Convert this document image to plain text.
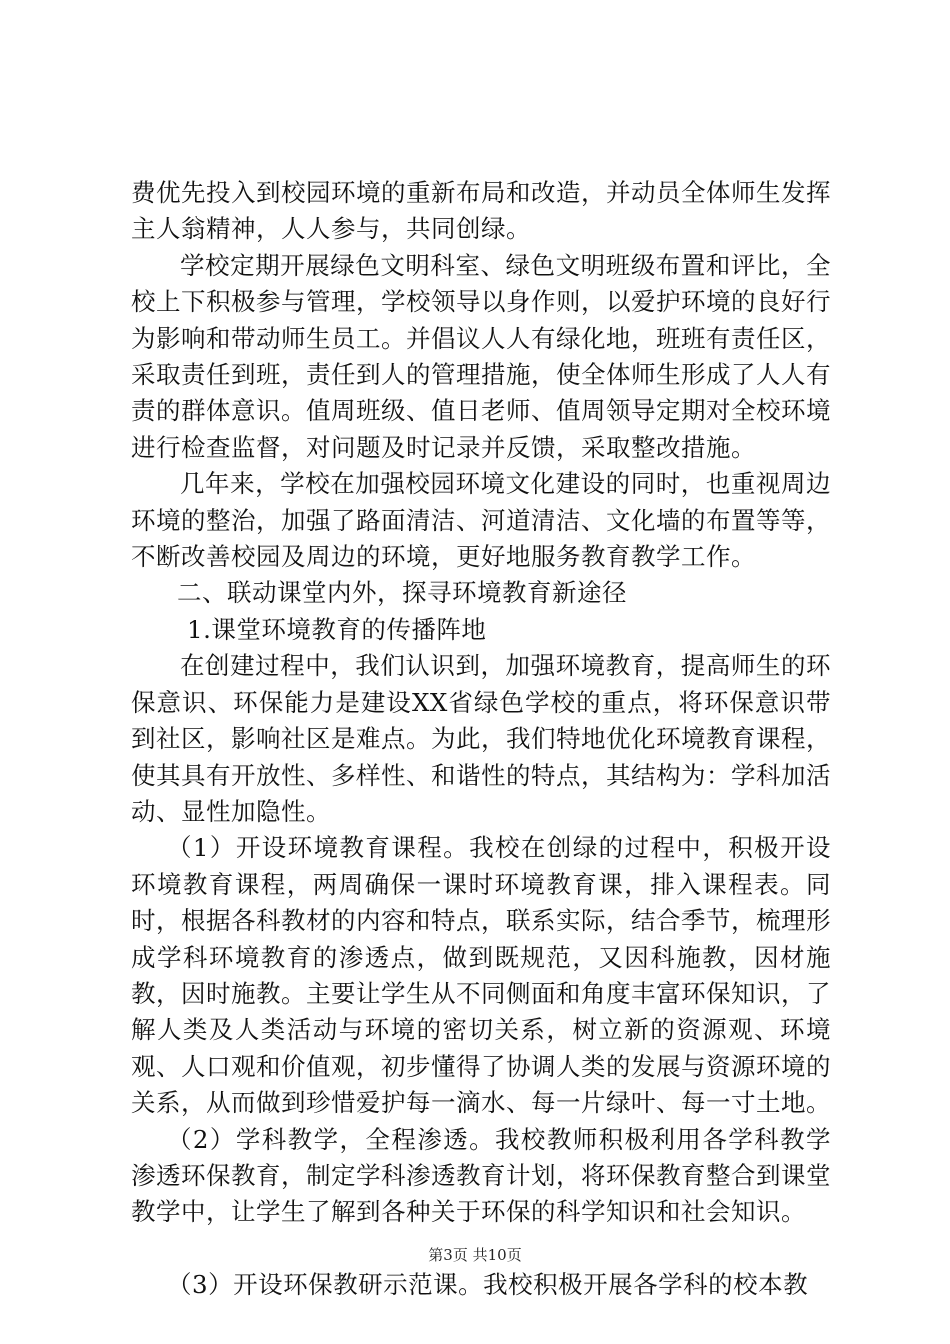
费优先投入到校园环境的重新布局和改造，并动员全体师生发挥主人翁精神，人人参与，共同创绿。

学校定期开展绿色文明科室、绿色文明班级布置和评比，全校上下积极参与管理，学校领导以身作则，以爱护环境的良好行为影响和带动师生员工。并倡议人人有绿化地，班班有责任区，采取责任到班，责任到人的管理措施，使全体师生形成了人人有责的群体意识。值周班级、值日老师、值周领导定期对全校环境进行检查监督，对问题及时记录并反馈，采取整改措施。

几年来，学校在加强校园环境文化建设的同时，也重视周边环境的整治，加强了路面清洁、河道清洁、文化墙的布置等等，不断改善校园及周边的环境，更好地服务教育教学工作。

二、联动课堂内外，探寻环境教育新途径

1.课堂环境教育的传播阵地

在创建过程中，我们认识到，加强环境教育，提高师生的环保意识、环保能力是建设XX省绿色学校的重点，将环保意识带到社区，影响社区是难点。为此，我们特地优化环境教育课程，使其具有开放性、多样性、和谐性的特点，其结构为：学科加活动、显性加隐性。

（1）开设环境教育课程。我校在创绿的过程中，积极开设环境教育课程，两周确保一课时环境教育课，排入课程表。同时，根据各科教材的内容和特点，联系实际，结合季节，梳理形成学科环境教育的渗透点，做到既规范，又因科施教，因材施教，因时施教。主要让学生从不同侧面和角度丰富环保知识，了解人类及人类活动与环境的密切关系，树立新的资源观、环境观、人口观和价值观，初步懂得了协调人类的发展与资源环境的关系，从而做到珍惜爱护每一滴水、每一片绿叶、每一寸土地。

（2）学科教学，全程渗透。我校教师积极利用各学科教学渗透环保教育，制定学科渗透教育计划，将环保教育整合到课堂教学中，让学生了解到各种关于环保的科学知识和社会知识。

（3）开设环保教研示范课。我校积极开展各学科的校本教

第3页 共10页
